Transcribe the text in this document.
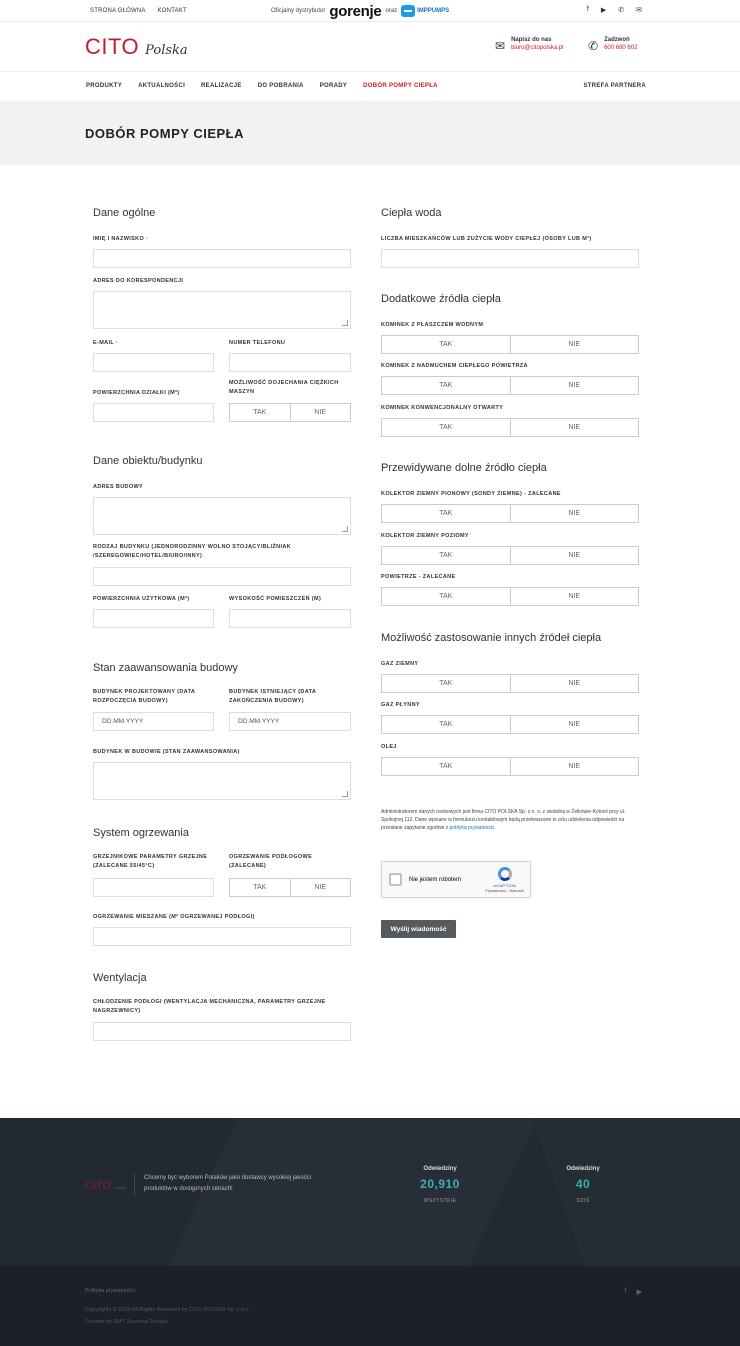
STRONA GŁÓWNA KONTAKT	Oficjalny dystrybutor gorenje oraz	IMPPUMPS	f ▶ ✆ ✉
CITO Polska	✉ Napisz do nas
biuro@citopolska.pl ✆ Zadzwoń
600 680 602
PRODUKTY	AKTUALNOŚCI	REALIZACJE	DO POBRANIA	PORADY	DOBÓR POMPY CIEPŁA	STREFA PARTNERA
DOBÓR POMPY CIEPŁA
Dane ogólne
IMIĘ I NAZWISKO ·
ADRES DO KORESPONDENCJI
E-MAIL ·	NUMER TELEFONU
POWIERZCHNIA DZIAŁKI (M²)
MOŻLIWOŚĆ DOJECHANIA CIĘŻKICH MASZYN
TAK	NIE
Dane obiektu/budynku
ADRES BUDOWY
RODZAJ BUDYNKU (JEDNORODZINNY WOLNO STOJĄCY/BLIŹNIAK /SZEREGOWIEC/HOTEL/BIURO/INNY)
POWIERZCHNIA UŻYTKOWA (M²)	WYSOKOŚĆ POMIESZCZEŃ (M)
Stan zaawansowania budowy
BUDYNEK PROJEKTOWANY (DATA ROZPOCZĘCIA BUDOWY)
DD.MM.YYYY
BUDYNEK ISTNIEJĄCY (DATA ZAKOŃCZENIA BUDOWY)
DD.MM.YYYY
BUDYNEK W BUDOWIE (STAN ZAAWANSOWANIA)
System ogrzewania
GRZEJNIKOWE PARAMETRY GRZEJNE (ZALECANE 55/45°C)
OGRZEWANIE PODŁOGOWE (ZALECANE)
TAK	NIE
OGRZEWANIE MIESZANE (M² OGRZEWANEJ PODŁOGI)
Wentylacja
CHŁODZENIE PODŁOGI (WENTYLACJA MECHANICZNA, PARAMETRY GRZEJNE NAGRZEWNICY)
Ciepła woda
LICZBA MIESZKAŃCÓW LUB ZUŻYCIE WODY CIEPŁEJ (OSOBY LUB M³)
Dodatkowe źródła ciepła
KOMINEK Z PŁASZCZEM WODNYM
TAK	NIE
KOMINEK Z NADMUCHEM CIEPŁEGO POWIETRZA
TAK	NIE
KOMINEK KONWENCJONALNY OTWARTY
TAK	NIE
Przewidywane dolne źródło ciepła
KOLEKTOR ZIEMNY PIONOWY (SONDY ZIEMNE) - ZALECANE
TAK	NIE
KOLEKTOR ZIEMNY POZIOMY
TAK	NIE
POWIETRZE - ZALECANE
TAK	NIE
Możliwość zastosowanie innych źródeł ciepła
GAZ ZIEMNY
TAK	NIE
GAZ PŁYNNY
TAK	NIE
OLEJ
TAK	NIE
Administratorem danych osobowych jest firma CITO POLSKA Sp. z o. o. z siedzibą w Żelkowie-Kolonii przy ul. Spokojnej 112. Dane wpisane w formularzu kontaktowym będą przetwarzane w celu udzielenia odpowiedzi na przesłane zapytanie zgodnie z polityką prywatności.
Nie jestem robotem
reCAPTCHA
Prywatność - Warunki
Wyślij wiadomość
CITO Polska
Chcemy być wyborem Polaków jako dostawcy wysokiej jakości produktów w dostępnych cenach!
Odwiedziny
20,910
WSZYSTKIE
Odwiedziny
40
DZIŚ
Polityka prywatności
Copyrights © 2020 All Rights Reserved by CITO POLSKA Sp. z o.o.
Created by SMT Zuzanna Tokajuk
f ▶
